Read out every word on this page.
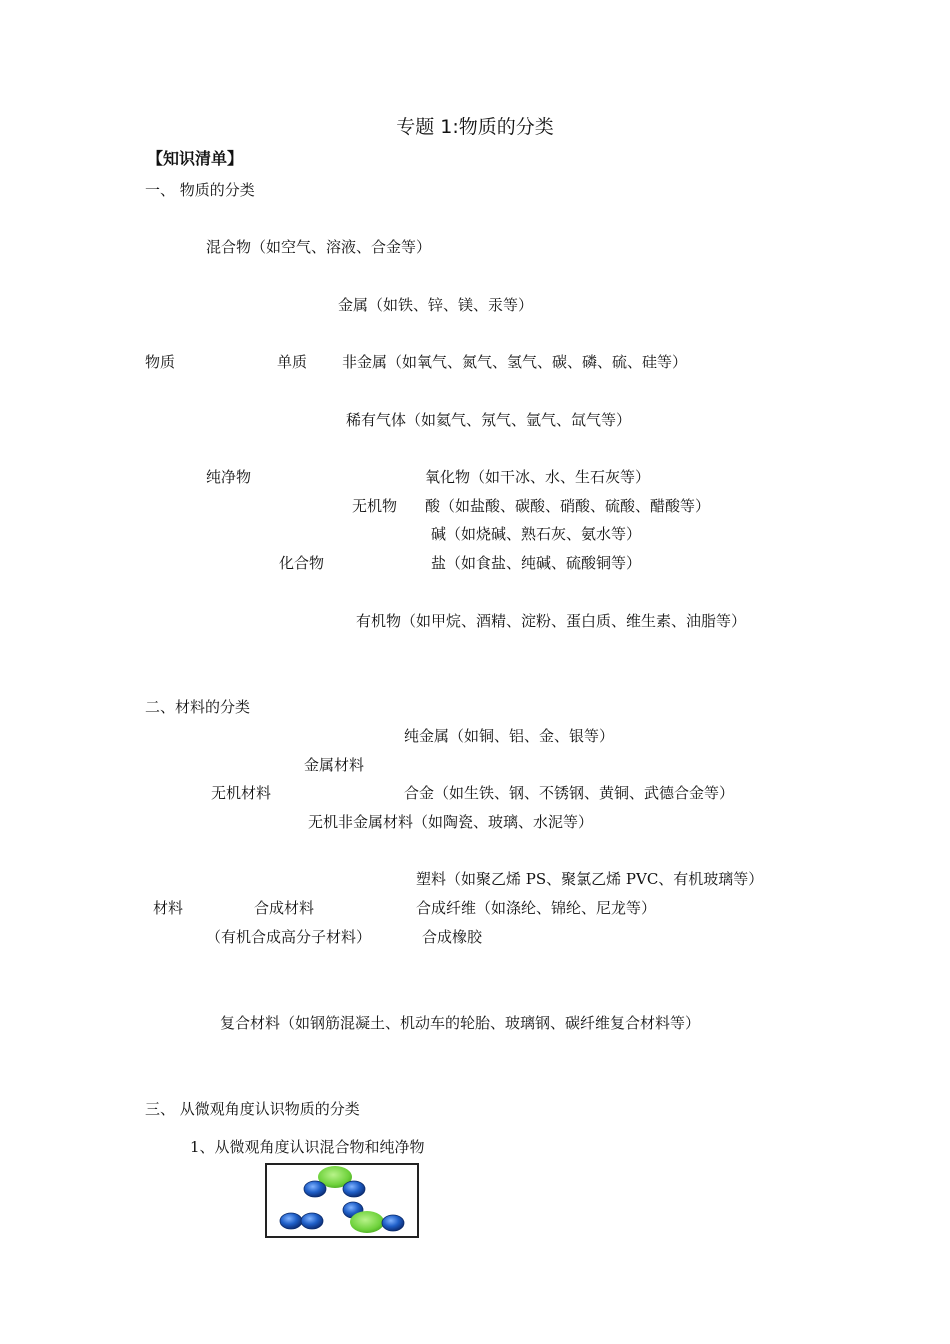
专题 1:物质的分类
【知识清单】
一、 物质的分类
混合物（如空气、溶液、合金等）
金属（如铁、锌、镁、汞等）
物质	单质 非金属（如氧气、氮气、氢气、碳、磷、硫、硅等）
稀有气体（如氦气、氖气、氩气、氙气等）
纯净物	氧化物（如干冰、水、生石灰等）
无机物 酸（如盐酸、碳酸、硝酸、硫酸、醋酸等）
碱（如烧碱、熟石灰、氨水等）
化合物	盐（如食盐、纯碱、硫酸铜等）
有机物（如甲烷、酒精、淀粉、蛋白质、维生素、油脂等）
二、材料的分类
纯金属（如铜、铝、金、银等）
金属材料
无机材料	合金（如生铁、钢、不锈钢、黄铜、武德合金等）
无机非金属材料（如陶瓷、玻璃、水泥等）
塑料（如聚乙烯 PS、聚氯乙烯 PVC、有机玻璃等）
材料	合成材料	合成纤维（如涤纶、锦纶、尼龙等）
（有机合成高分子材料）	合成橡胶
复合材料（如钢筋混凝土、机动车的轮胎、玻璃钢、碳纤维复合材料等）
三、 从微观角度认识物质的分类
1、从微观角度认识混合物和纯净物
